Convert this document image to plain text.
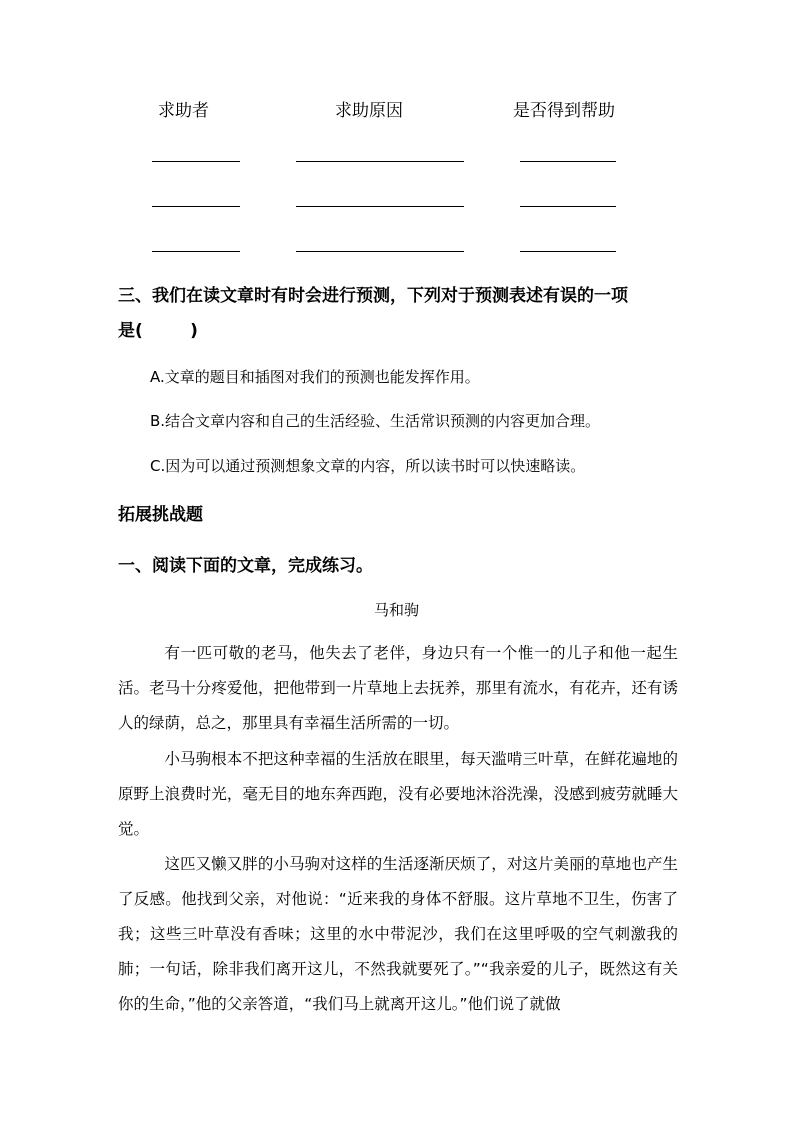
求助者	求助原因	是否得到帮助
三、我们在读文章时有时会进行预测，下列对于预测表述有误的一项
是(        )
A.文章的题目和插图对我们的预测也能发挥作用。
B.结合文章内容和自己的生活经验、生活常识预测的内容更加合理。
C.因为可以通过预测想象文章的内容，所以读书时可以快速略读。
拓展挑战题
一、阅读下面的文章，完成练习。
马和驹
有一匹可敬的老马，他失去了老伴，身边只有一个惟一的儿子和他一起生活。老马十分疼爱他，把他带到一片草地上去抚养，那里有流水，有花卉，还有诱人的绿荫，总之，那里具有幸福生活所需的一切。
小马驹根本不把这种幸福的生活放在眼里，每天滥啃三叶草，在鲜花遍地的原野上浪费时光，毫无目的地东奔西跑，没有必要地沐浴洗澡，没感到疲劳就睡大觉。
这匹又懒又胖的小马驹对这样的生活逐渐厌烦了，对这片美丽的草地也产生了反感。他找到父亲，对他说：“近来我的身体不舒服。这片草地不卫生，伤害了我；这些三叶草没有香味；这里的水中带泥沙，我们在这里呼吸的空气刺激我的肺；一句话，除非我们离开这儿，不然我就要死了。”“我亲爱的儿子，既然这有关你的生命，”他的父亲答道，“我们马上就离开这儿。”他们说了就做
